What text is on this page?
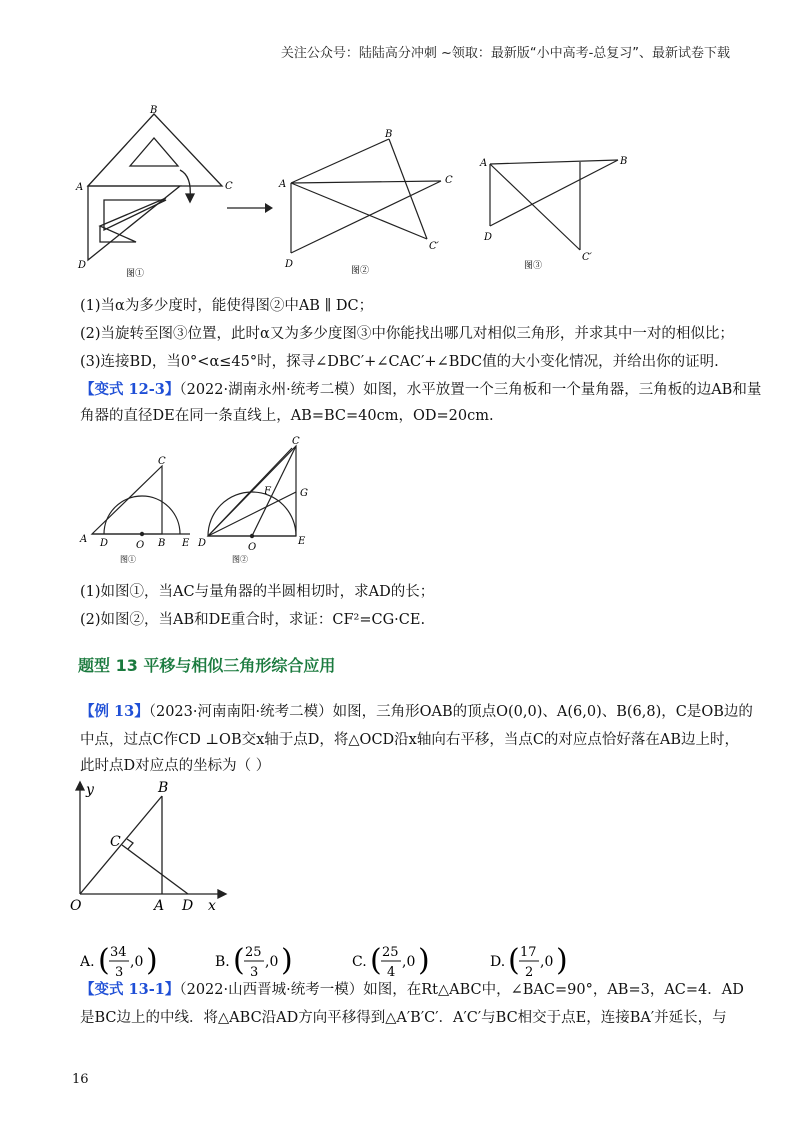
关注公众号：陆陆高分冲刺 ~领取：最新版“小中高考-总复习”、最新试卷下载
B
A	C
D
图①
B
A	C
C′
D
图②
A	B
D
C′
图③
(1)当α为多少度时，能使得图②中AB ∥ DC；
(2)当旋转至图③位置，此时α又为多少度图③中你能找出哪几对相似三角形，并求其中一对的相似比；
(3)连接BD，当0°<α≤45°时，探寻∠DBC′+∠CAC′+∠BDC值的大小变化情况，并给出你的证明.
【变式 12-3】（2022·湖南永州·统考二模）如图，水平放置一个三角板和一个量角器，三角板的边AB和量
角器的直径DE在同一条直线上，AB=BC=40cm，OD=20cm.
C
A D	O B E
图①
C
G
F
D	O
E
图②
(1)如图①，当AC与量角器的半圆相切时，求AD的长；
(2)如图②，当AB和DE重合时，求证：CF²=CG·CE.
题型 13 平移与相似三角形综合应用
【例 13】（2023·河南南阳·统考二模）如图，三角形OAB的顶点O(0,0)、A(6,0)、B(6,8)，C是OB边的
中点，过点C作CD ⊥OB交x轴于点D，将△OCD沿x轴向右平移，当点C的对应点恰好落在AB边上时，
此时点D对应点的坐标为（ ）
y	B
C
O	A D x
A. ( 34
3
,0 )	B. ( 25
3
,0 )	C. ( 25
4
,0 )	D. ( 17
2
,0 )
【变式 13-1】（2022·山西晋城·统考一模）如图，在Rt△ABC中，∠BAC=90°，AB=3，AC=4．AD
是BC边上的中线．将△ABC沿AD方向平移得到△A′B′C′．A′C′与BC相交于点E，连接BA′并延长，与
16
